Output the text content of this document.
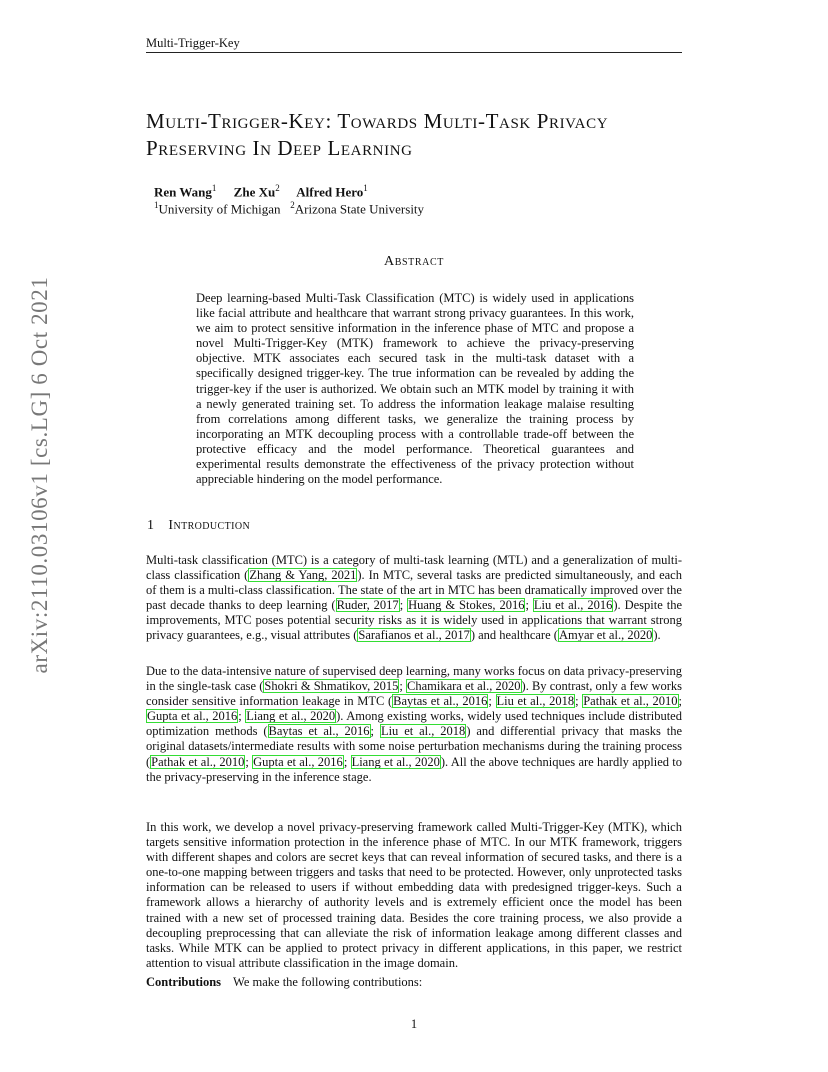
arXiv:2110.03106v1 [cs.LG] 6 Oct 2021
Multi-Trigger-Key
Multi-Trigger-Key: Towards Multi-Task Privacy Preserving In Deep Learning
Ren Wang$^1$ Zhe Xu$^2$ Alfred Hero$^1$
$^1$University of Michigan $^2$Arizona State University
Abstract
Deep learning-based Multi-Task Classification (MTC) is widely used in applications like facial attribute and healthcare that warrant strong privacy guarantees. In this work, we aim to protect sensitive information in the inference phase of MTC and propose a novel Multi-Trigger-Key (MTK) framework to achieve the privacy-preserving objective. MTK associates each secured task in the multi-task dataset with a specifically designed trigger-key. The true information can be revealed by adding the trigger-key if the user is authorized. We obtain such an MTK model by training it with a newly generated training set. To address the information leakage malaise resulting from correlations among different tasks, we generalize the training process by incorporating an MTK decoupling process with a controllable trade-off between the protective efficacy and the model performance. Theoretical guarantees and experimental results demonstrate the effectiveness of the privacy protection without appreciable hindering on the model performance.
1 Introduction
Multi-task classification (MTC) is a category of multi-task learning (MTL) and a generalization of multi-class classification (Zhang & Yang, 2021). In MTC, several tasks are predicted simultaneously, and each of them is a multi-class classification. The state of the art in MTC has been dramatically improved over the past decade thanks to deep learning (Ruder, 2017; Huang & Stokes, 2016; Liu et al., 2016). Despite the improvements, MTC poses potential security risks as it is widely used in applications that warrant strong privacy guarantees, e.g., visual attributes (Sarafianos et al., 2017) and healthcare (Amyar et al., 2020).
Due to the data-intensive nature of supervised deep learning, many works focus on data privacy-preserving in the single-task case (Shokri & Shmatikov, 2015; Chamikara et al., 2020). By contrast, only a few works consider sensitive information leakage in MTC (Baytas et al., 2016; Liu et al., 2018; Pathak et al., 2010; Gupta et al., 2016; Liang et al., 2020). Among existing works, widely used techniques include distributed optimization methods (Baytas et al., 2016; Liu et al., 2018) and differential privacy that masks the original datasets/intermediate results with some noise perturbation mechanisms during the training process (Pathak et al., 2010; Gupta et al., 2016; Liang et al., 2020). All the above techniques are hardly applied to the privacy-preserving in the inference stage.
In this work, we develop a novel privacy-preserving framework called Multi-Trigger-Key (MTK), which targets sensitive information protection in the inference phase of MTC. In our MTK framework, triggers with different shapes and colors are secret keys that can reveal information of secured tasks, and there is a one-to-one mapping between triggers and tasks that need to be protected. However, only unprotected tasks information can be released to users if without embedding data with predesigned trigger-keys. Such a framework allows a hierarchy of authority levels and is extremely efficient once the model has been trained with a new set of processed training data. Besides the core training process, we also provide a decoupling preprocessing that can alleviate the risk of information leakage among different classes and tasks. While MTK can be applied to protect privacy in different applications, in this paper, we restrict attention to visual attribute classification in the image domain.
Contributions We make the following contributions:
1
